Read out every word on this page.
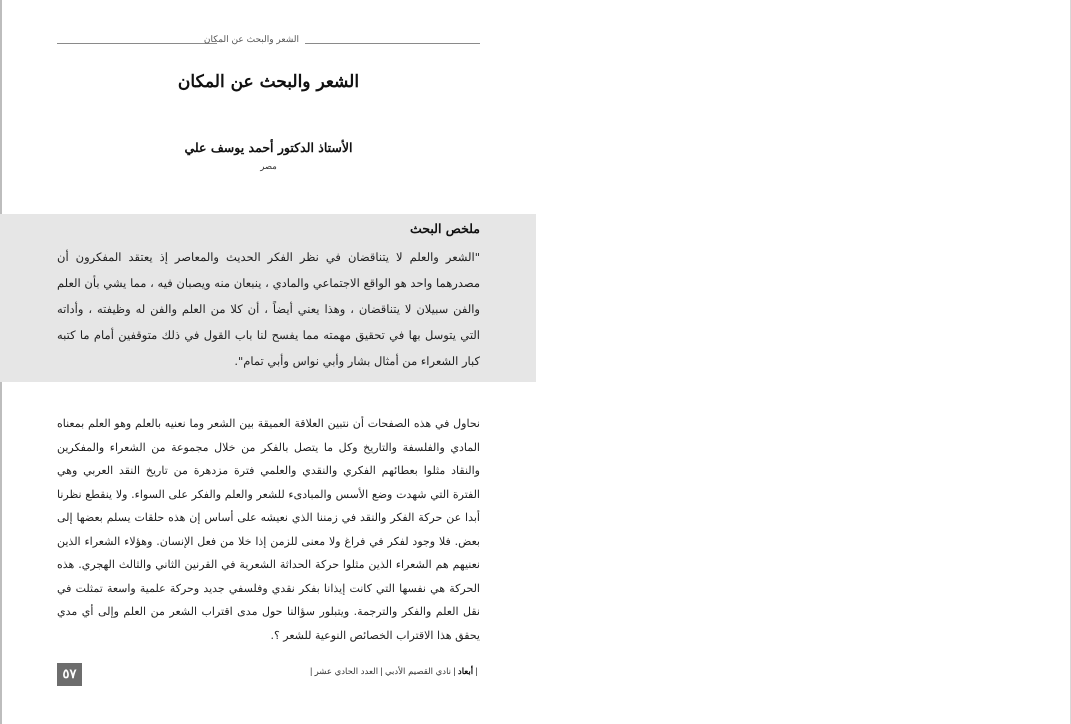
الشعر والبحث عن المكان
الشعر والبحث عن المكان
الأستاذ الدكتور أحمد يوسف علي
مصر
ملخص البحث

"الشعر والعلم لا يتناقضان في نظر الفكر الحديث والمعاصر إذ يعتقد المفكرون أن مصدرهما واحد هو الواقع الاجتماعي والمادي ، ينبعان منه ويصبان فيه ، مما يشي بأن العلم والفن سبيلان لا يتناقضان ، وهذا يعني أيضاً ، أن كلا من العلم والفن له وظيفته ، وأداته التي يتوسل بها في تحقيق مهمته مما يفسح لنا باب القول في ذلك متوقفين أمام ما كتبه كبار الشعراء من أمثال بشار وأبي نواس وأبي تمام".

نحاول في هذه الصفحات أن نتبين العلاقة العميقة بين الشعر وما نعنيه بالعلم وهو العلم بمعناه المادي والفلسفة والتاريخ وكل ما يتصل بالفكر من خلال مجموعة من الشعراء والمفكرين والنقاد مثلوا بعطائهم الفكري والنقدي والعلمي فترة مزدهرة من تاريخ النقد العربي وهي الفترة التي شهدت وضع الأسس والمبادىء للشعر والعلم والفكر على السواء. ولا ينقطع نظرنا أبدا عن حركة الفكر والنقد في زمننا الذي نعيشه على أساس إن هذه حلقات يسلم بعضها إلى بعض. فلا وجود لفكر في فراغ ولا معنى للزمن إذا خلا من فعل الإنسان. وهؤلاء الشعراء الذين نعنيهم هم الشعراء الذين مثلوا حركة الحداثة الشعرية في القرنين الثاني والثالث الهجري. هذه الحركة هي نفسها التي كانت إيذانا بفكر نقدي وفلسفي جديد وحركة علمية واسعة تمثلت في نقل العلم والفكر والترجمة. ويتبلور سؤالنا حول مدى اقتراب الشعر من العلم وإلى أي مدي يحقق هذا الاقتراب الخصائص النوعية للشعر ؟.

٥٧	|أبعاد|نادي القصيم الأدبي|العدد الحادي عشر|
